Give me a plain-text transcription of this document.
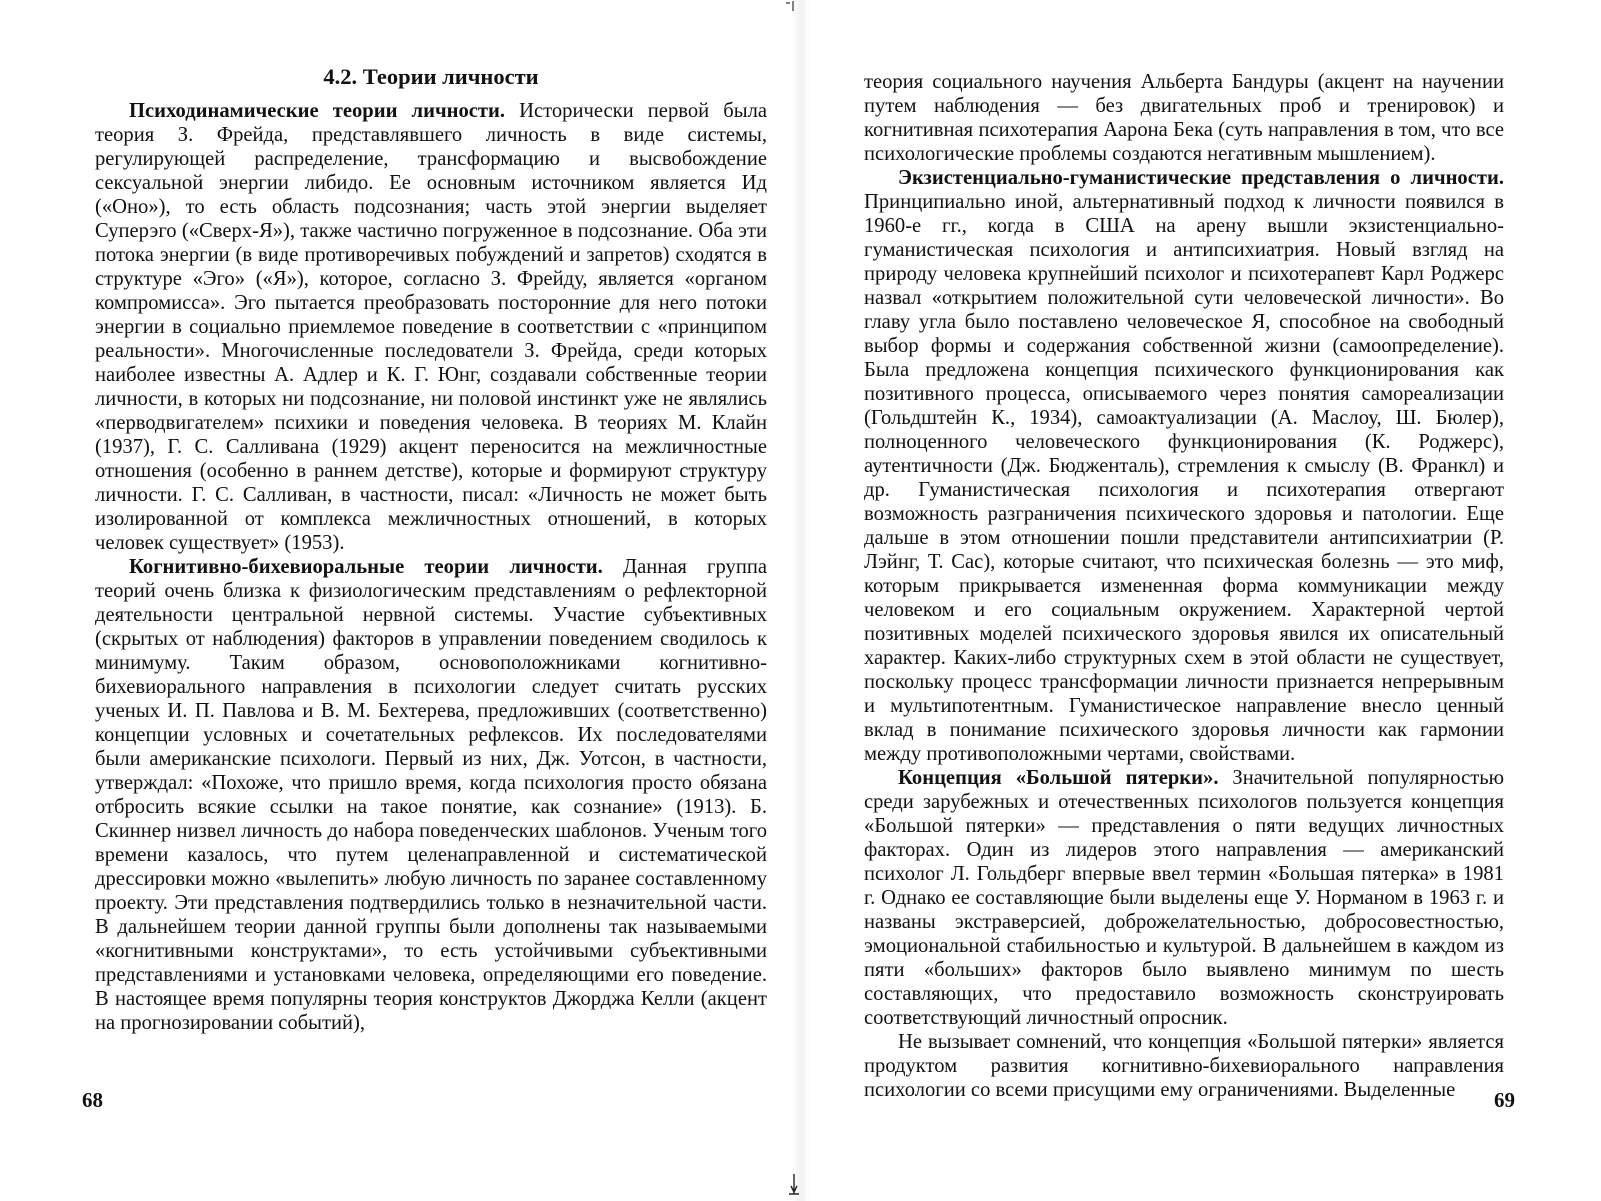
4.2. Теории личности

Психодинамические теории личности. Исторически первой была теория З. Фрейда, представлявшего личность в виде системы, регулирующей распределение, трансформацию и высвобождение сексуальной энергии либидо. Ее основным источником является Ид («Оно»), то есть область подсознания; часть этой энергии выделяет Суперэго («Сверх-Я»), также частично погруженное в подсознание. Оба эти потока энергии (в виде противоречивых побуждений и запретов) сходятся в структуре «Эго» («Я»), которое, согласно З. Фрейду, является «органом компромисса». Эго пытается преобразовать посторонние для него потоки энергии в социально приемлемое поведение в соответствии с «принципом реальности». Многочисленные последователи З. Фрейда, среди которых наиболее известны А. Адлер и К. Г. Юнг, создавали собственные теории личности, в которых ни подсознание, ни половой инстинкт уже не являлись «перводвигателем» психики и поведения человека. В теориях М. Клайн (1937), Г. С. Салливана (1929) акцент переносится на межличностные отношения (особенно в раннем детстве), которые и формируют структуру личности. Г. С. Салливан, в частности, писал: «Личность не может быть изолированной от комплекса межличностных отношений, в которых человек существует» (1953).

Когнитивно-бихевиоральные теории личности. Данная группа теорий очень близка к физиологическим представлениям о рефлекторной деятельности центральной нервной системы. Участие субъективных (скрытых от наблюдения) факторов в управлении поведением сводилось к минимуму. Таким образом, основоположниками когнитивно-бихевиорального направления в психологии следует считать русских ученых И. П. Павлова и В. М. Бехтерева, предложивших (соответственно) концепции условных и сочетательных рефлексов. Их последователями были американские психологи. Первый из них, Дж. Уотсон, в частности, утверждал: «Похоже, что пришло время, когда психология просто обязана отбросить всякие ссылки на такое понятие, как сознание» (1913). Б. Скиннер низвел личность до набора поведенческих шаблонов. Ученым того времени казалось, что путем целенаправленной и систематической дрессировки можно «вылепить» любую личность по заранее составленному проекту. Эти представления подтвердились только в незначительной части. В дальнейшем теории данной группы были дополнены так называемыми «когнитивными конструктами», то есть устойчивыми субъективными представлениями и установками человека, определяющими его поведение. В настоящее время популярны теория конструктов Джорджа Келли (акцент на прогнозировании событий),

68

теория социального научения Альберта Бандуры (акцент на научении путем наблюдения — без двигательных проб и тренировок) и когнитивная психотерапия Аарона Бека (суть направления в том, что все психологические проблемы создаются негативным мышлением).

Экзистенциально-гуманистические представления о личности. Принципиально иной, альтернативный подход к личности появился в 1960-е гг., когда в США на арену вышли экзистенциально-гуманистическая психология и антипсихиатрия. Новый взгляд на природу человека крупнейший психолог и психотерапевт Карл Роджерс назвал «открытием положительной сути человеческой личности». Во главу угла было поставлено человеческое Я, способное на свободный выбор формы и содержания собственной жизни (самоопределение). Была предложена концепция психического функционирования как позитивного процесса, описываемого через понятия самореализации (Гольдштейн К., 1934), самоактуализации (А. Маслоу, Ш. Бюлер), полноценного человеческого функционирования (К. Роджерс), аутентичности (Дж. Бюдженталь), стремления к смыслу (В. Франкл) и др. Гуманистическая психология и психотерапия отвергают возможность разграничения психического здоровья и патологии. Еще дальше в этом отношении пошли представители антипсихиатрии (Р. Лэйнг, Т. Сас), которые считают, что психическая болезнь — это миф, которым прикрывается измененная форма коммуникации между человеком и его социальным окружением. Характерной чертой позитивных моделей психического здоровья явился их описательный характер. Каких-либо структурных схем в этой области не существует, поскольку процесс трансформации личности признается непрерывным и мультипотентным. Гуманистическое направление внесло ценный вклад в понимание психического здоровья личности как гармонии между противоположными чертами, свойствами.

Концепция «Большой пятерки». Значительной популярностью среди зарубежных и отечественных психологов пользуется концепция «Большой пятерки» — представления о пяти ведущих личностных факторах. Один из лидеров этого направления — американский психолог Л. Гольдберг впервые ввел термин «Большая пятерка» в 1981 г. Однако ее составляющие были выделены еще У. Норманом в 1963 г. и названы экстраверсией, доброжелательностью, добросовестностью, эмоциональной стабильностью и культурой. В дальнейшем в каждом из пяти «больших» факторов было выявлено минимум по шесть составляющих, что предоставило возможность сконструировать соответствующий личностный опросник.

Не вызывает сомнений, что концепция «Большой пятерки» является продуктом развития когнитивно-бихевиорального направления психологии со всеми присущими ему ограничениями. Выделенные	69
